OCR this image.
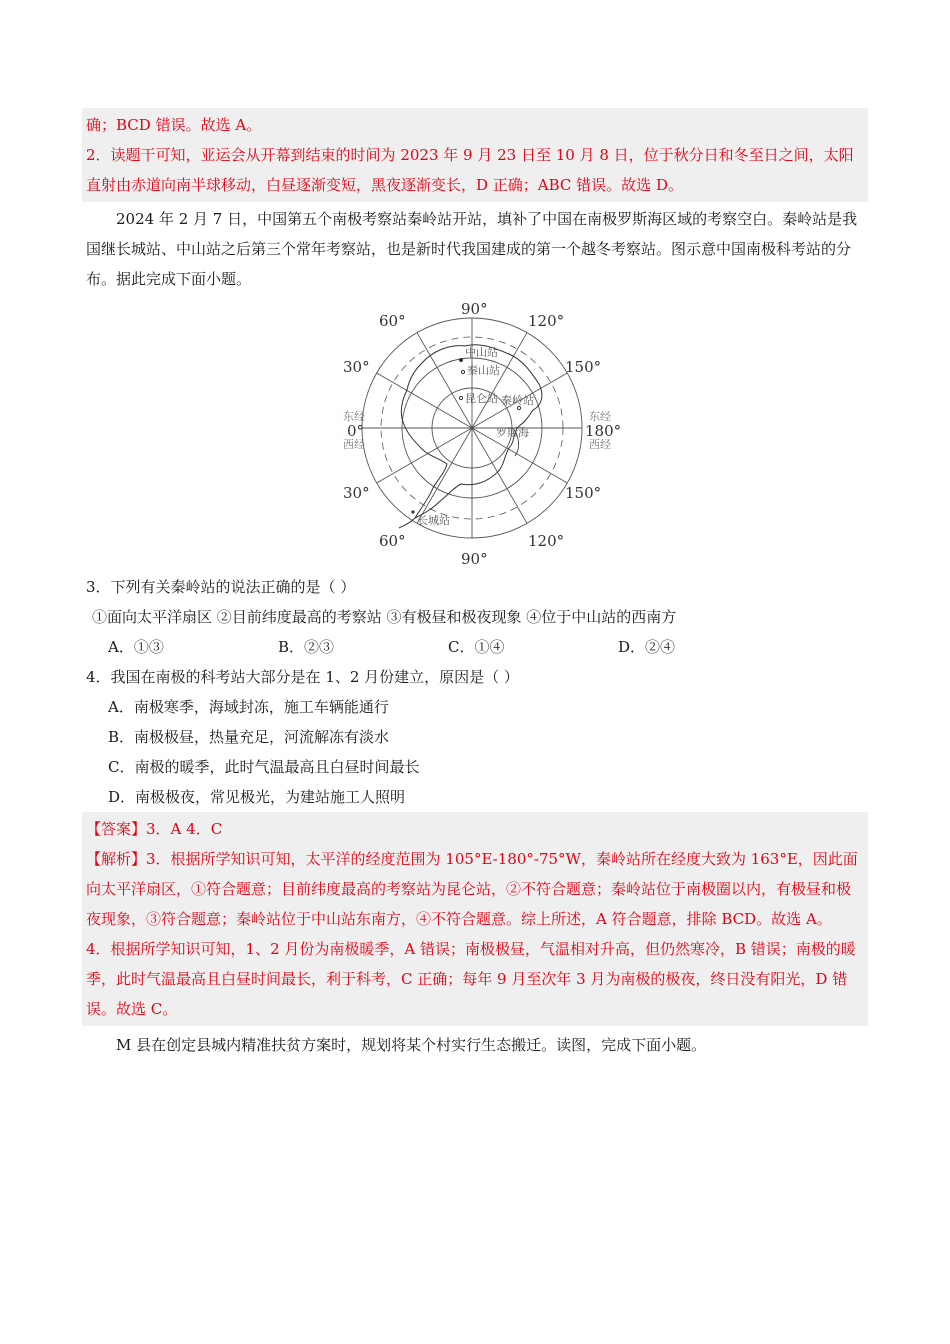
确；BCD 错误。故选 A。

2．读题干可知，亚运会从开幕到结束的时间为 2023 年 9 月 23 日至 10 月 8 日，位于秋分日和冬至日之间，太阳直射由赤道向南半球移动，白昼逐渐变短，黑夜逐渐变长，D 正确；ABC 错误。故选 D。

2024 年 2 月 7 日，中国第五个南极考察站秦岭站开站，填补了中国在南极罗斯海区域的考察空白。秦岭站是我国继长城站、中山站之后第三个常年考察站，也是新时代我国建成的第一个越冬考察站。图示意中国南极科考站的分布。据此完成下面小题。

中山站
秦山站
昆仑站 秦岭站
罗斯海
长城站
90°
60°	120°
30°	150°
0°	180°
30°	150°
60°
90°
120°
东经
西经
东经
西经

3．下列有关秦岭站的说法正确的是（ ）

①面向太平洋扇区 ②目前纬度最高的考察站 ③有极昼和极夜现象 ④位于中山站的西南方

A．①③	B．②③	C．①④	D．②④

4．我国在南极的科考站大部分是在 1、2 月份建立，原因是（ ）

A．南极寒季，海域封冻，施工车辆能通行

B．南极极昼，热量充足，河流解冻有淡水

C．南极的暖季，此时气温最高且白昼时间最长

D．南极极夜，常见极光，为建站施工人照明

【答案】3．A 4．C

【解析】3．根据所学知识可知，太平洋的经度范围为 105°E-180°-75°W，秦岭站所在经度大致为 163°E，因此面向太平洋扇区，①符合题意；目前纬度最高的考察站为昆仑站，②不符合题意；秦岭站位于南极圈以内，有极昼和极夜现象，③符合题意；秦岭站位于中山站东南方，④不符合题意。综上所述，A 符合题意，排除 BCD。故选 A。

4．根据所学知识可知，1、2 月份为南极暖季，A 错误；南极极昼，气温相对升高，但仍然寒冷，B 错误；南极的暖季，此时气温最高且白昼时间最长，利于科考，C 正确；每年 9 月至次年 3 月为南极的极夜，终日没有阳光，D 错误。故选 C。

M 县在创定县城内精准扶贫方案时，规划将某个村实行生态搬迁。读图，完成下面小题。
